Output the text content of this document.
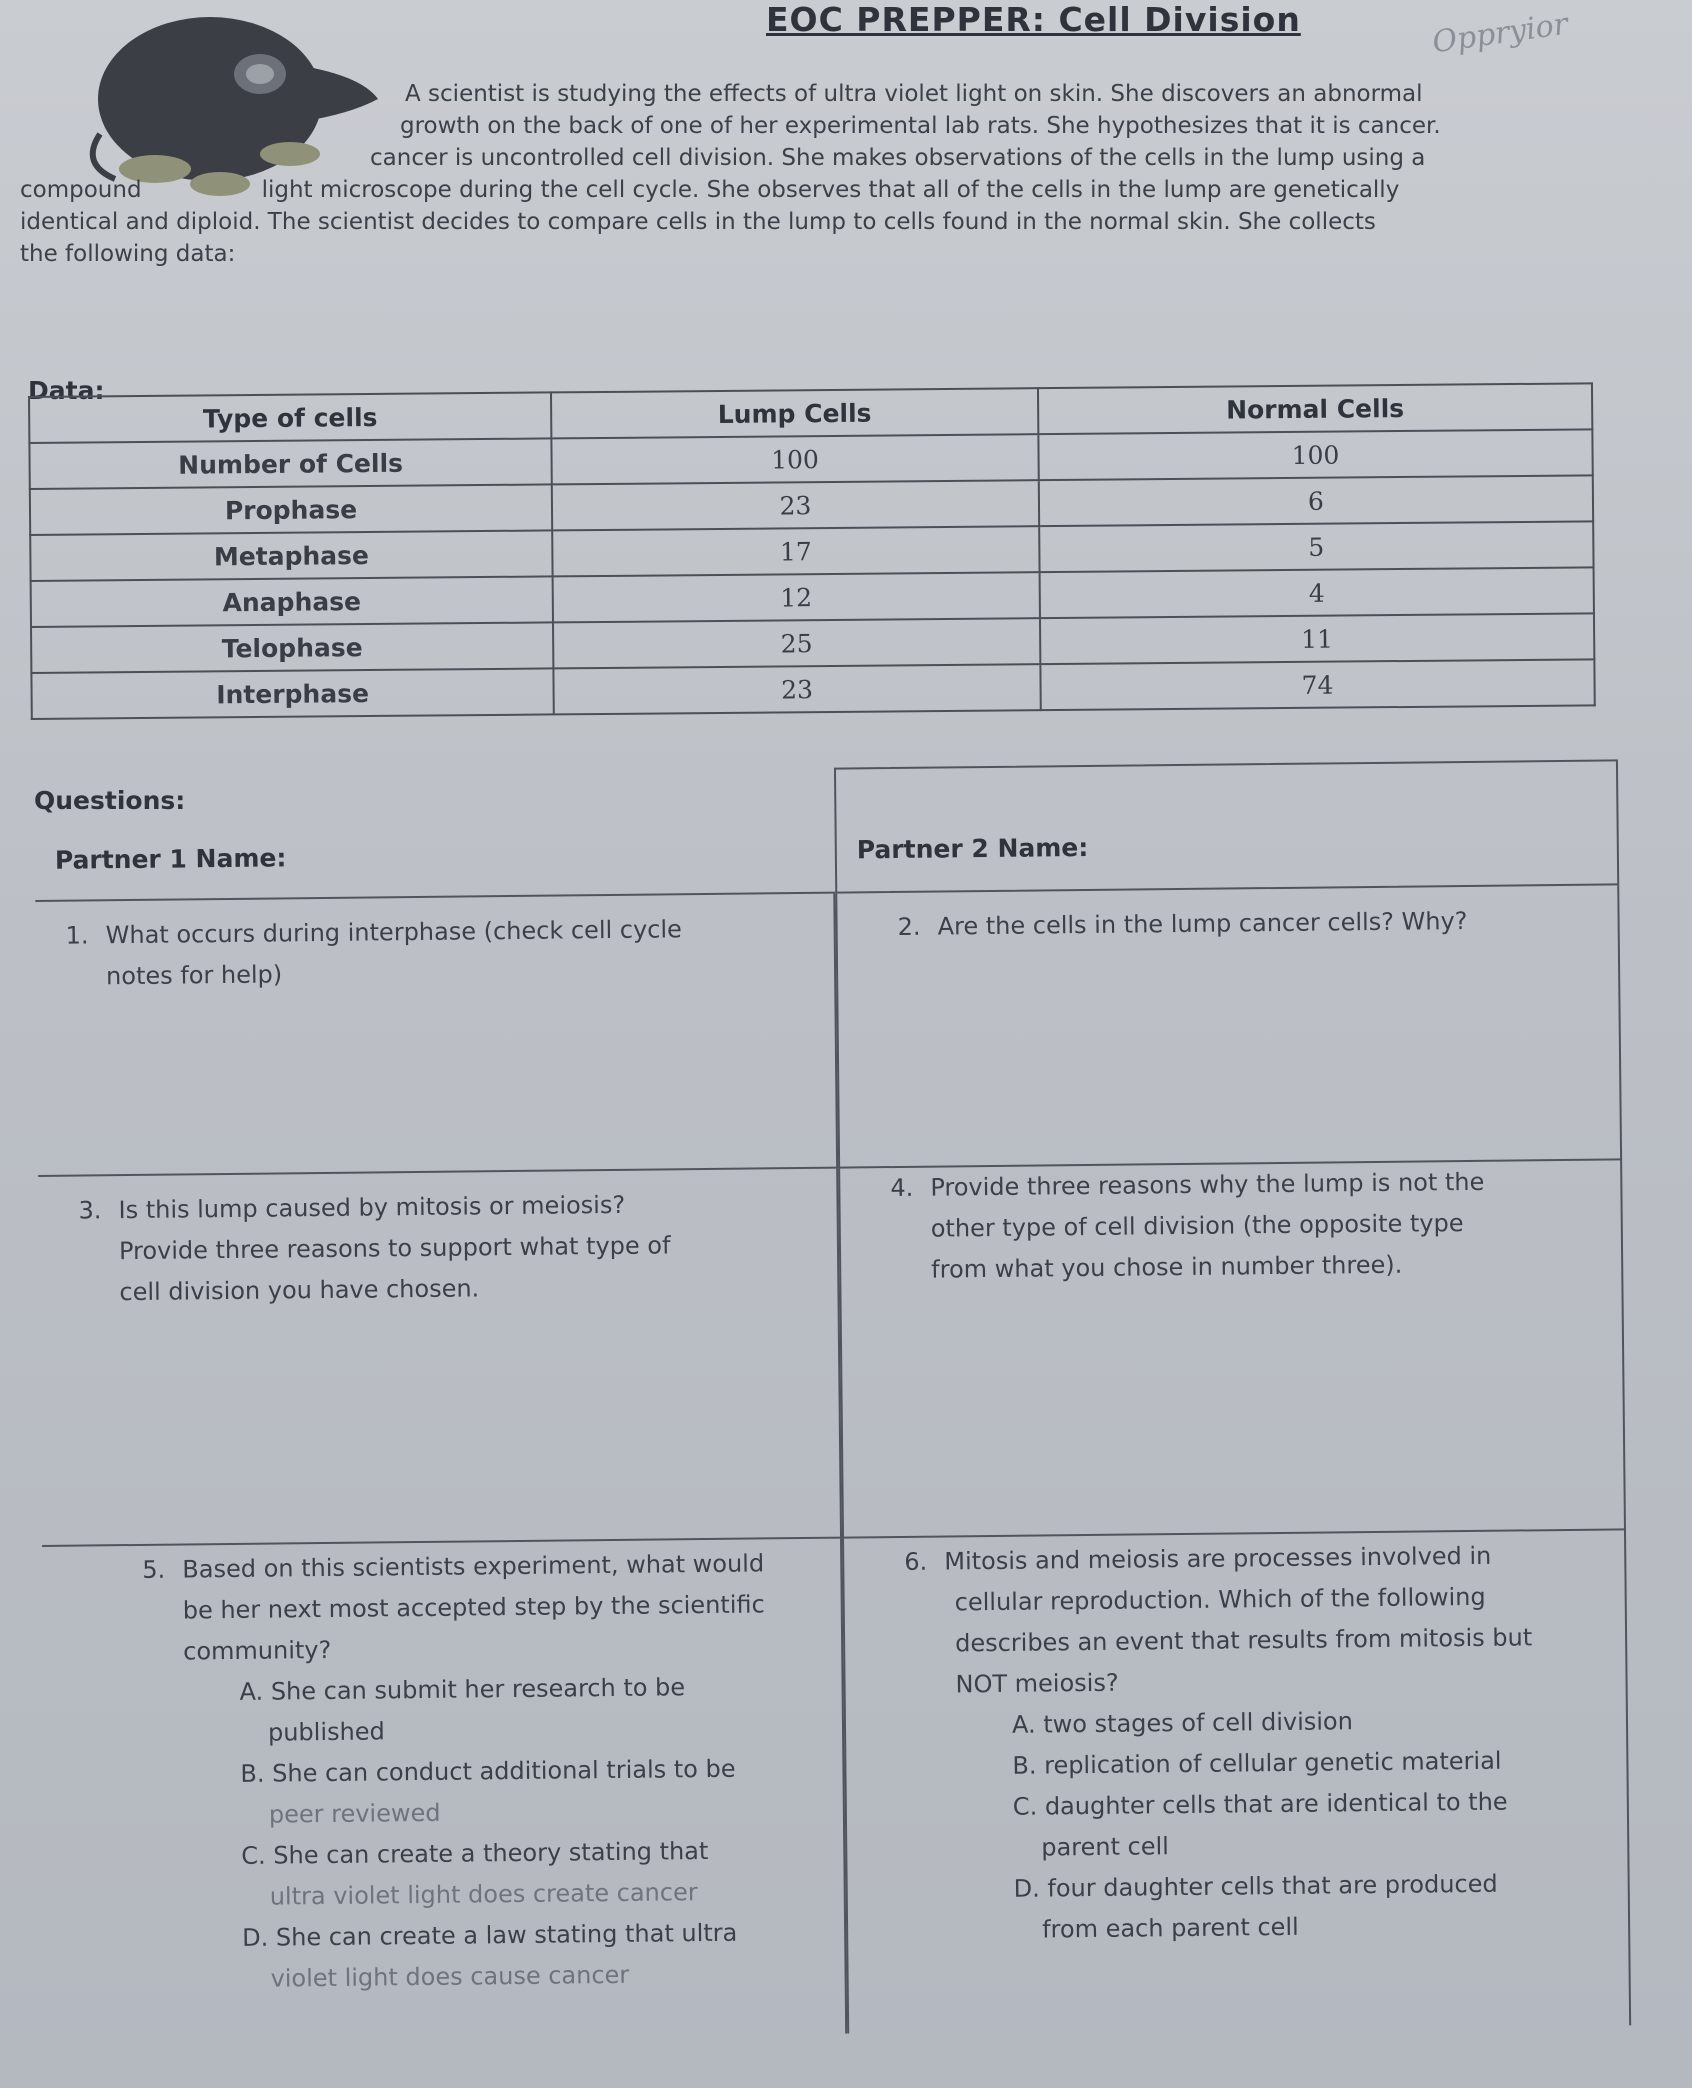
EOC PREPPER: Cell Division	Oppryior
A scientist is studying the effects of ultra violet light on skin. She discovers an abnormal
growth on the back of one of her experimental lab rats. She hypothesizes that it is cancer.
cancer is uncontrolled cell division. She makes observations of the cells in the lump using a
compound	light microscope during the cell cycle. She observes that all of the cells in the lump are genetically
identical and diploid. The scientist decides to compare cells in the lump to cells found in the normal skin. She collects
the following data:
Data:
Type of cells	Lump Cells	Normal Cells
Number of Cells	100	100
Prophase	23	6
Metaphase	17	5
Anaphase	12	4
Telophase	25	11
Interphase	23	74
Questions:
Partner 1 Name:	Partner 2 Name:
1. What occurs during interphase (check cell cycle
notes for help)
2. Are the cells in the lump cancer cells? Why?
3. Is this lump caused by mitosis or meiosis?
Provide three reasons to support what type of
cell division you have chosen.
4. Provide three reasons why the lump is not the
other type of cell division (the opposite type
from what you chose in number three).
5. Based on this scientists experiment, what would
be her next most accepted step by the scientific
community?
A. She can submit her research to be
published
B. She can conduct additional trials to be
peer reviewed
C. She can create a theory stating that
ultra violet light does create cancer
D. She can create a law stating that ultra
violet light does cause cancer
6. Mitosis and meiosis are processes involved in
cellular reproduction. Which of the following
describes an event that results from mitosis but
NOT meiosis?
A. two stages of cell division
B. replication of cellular genetic material
C. daughter cells that are identical to the
parent cell
D. four daughter cells that are produced
from each parent cell
